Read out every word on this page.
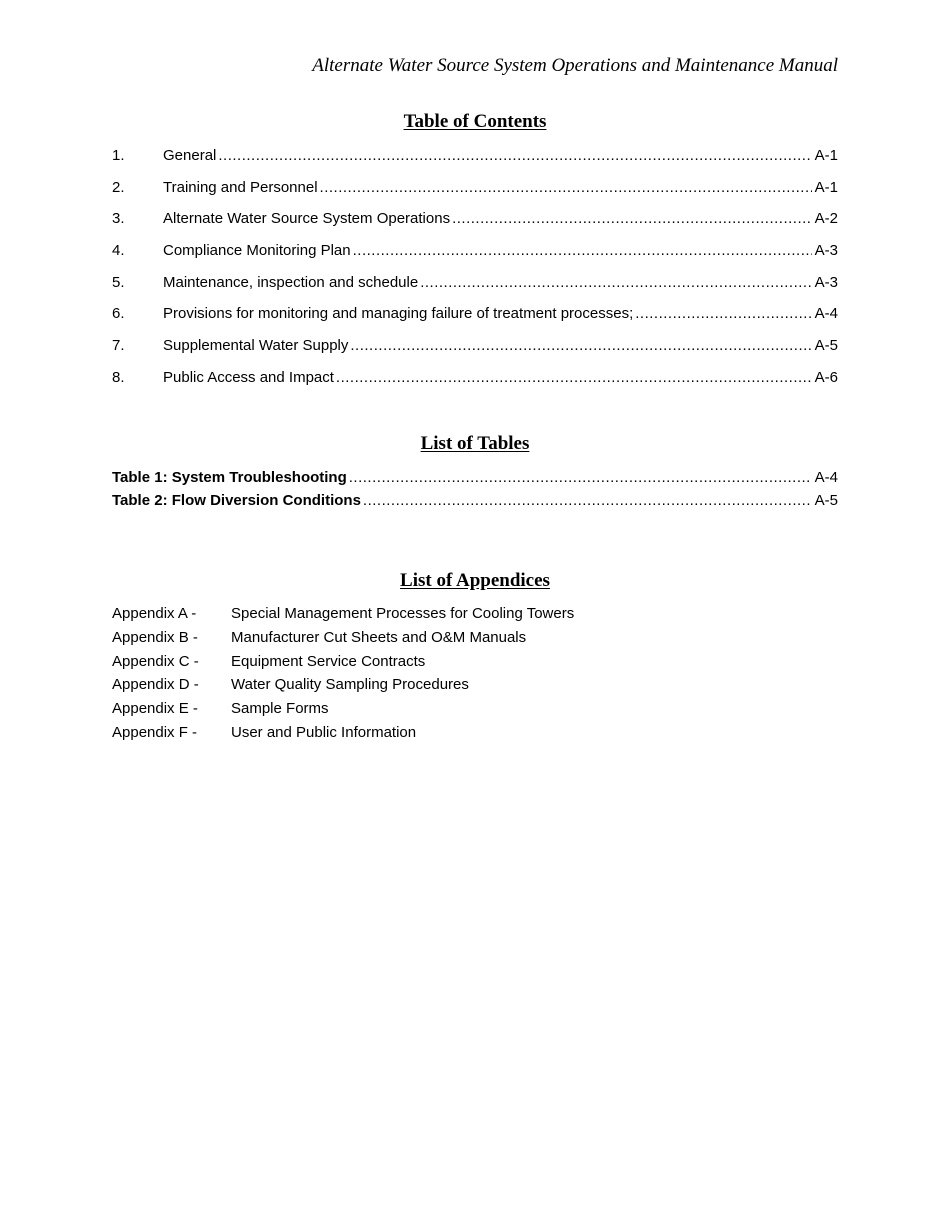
Alternate Water Source System Operations and Maintenance Manual
Table of Contents
1.	General .....	A-1
2.	Training and Personnel .....	A-1
3.	Alternate Water Source System Operations .....	A-2
4.	Compliance Monitoring Plan .....	A-3
5.	Maintenance, inspection and schedule .....	A-3
6.	Provisions for monitoring and managing failure of treatment processes; .....	A-4
7.	Supplemental Water Supply .....	A-5
8.	Public Access and Impact .....	A-6
List of Tables
Table 1: System Troubleshooting .....	A-4
Table 2: Flow Diversion Conditions .....	A-5
List of Appendices
Appendix A -	Special Management Processes for Cooling Towers
Appendix B -	Manufacturer Cut Sheets and O&M Manuals
Appendix C -	Equipment Service Contracts
Appendix D -	Water Quality Sampling Procedures
Appendix E -	Sample Forms
Appendix F -	User and Public Information
